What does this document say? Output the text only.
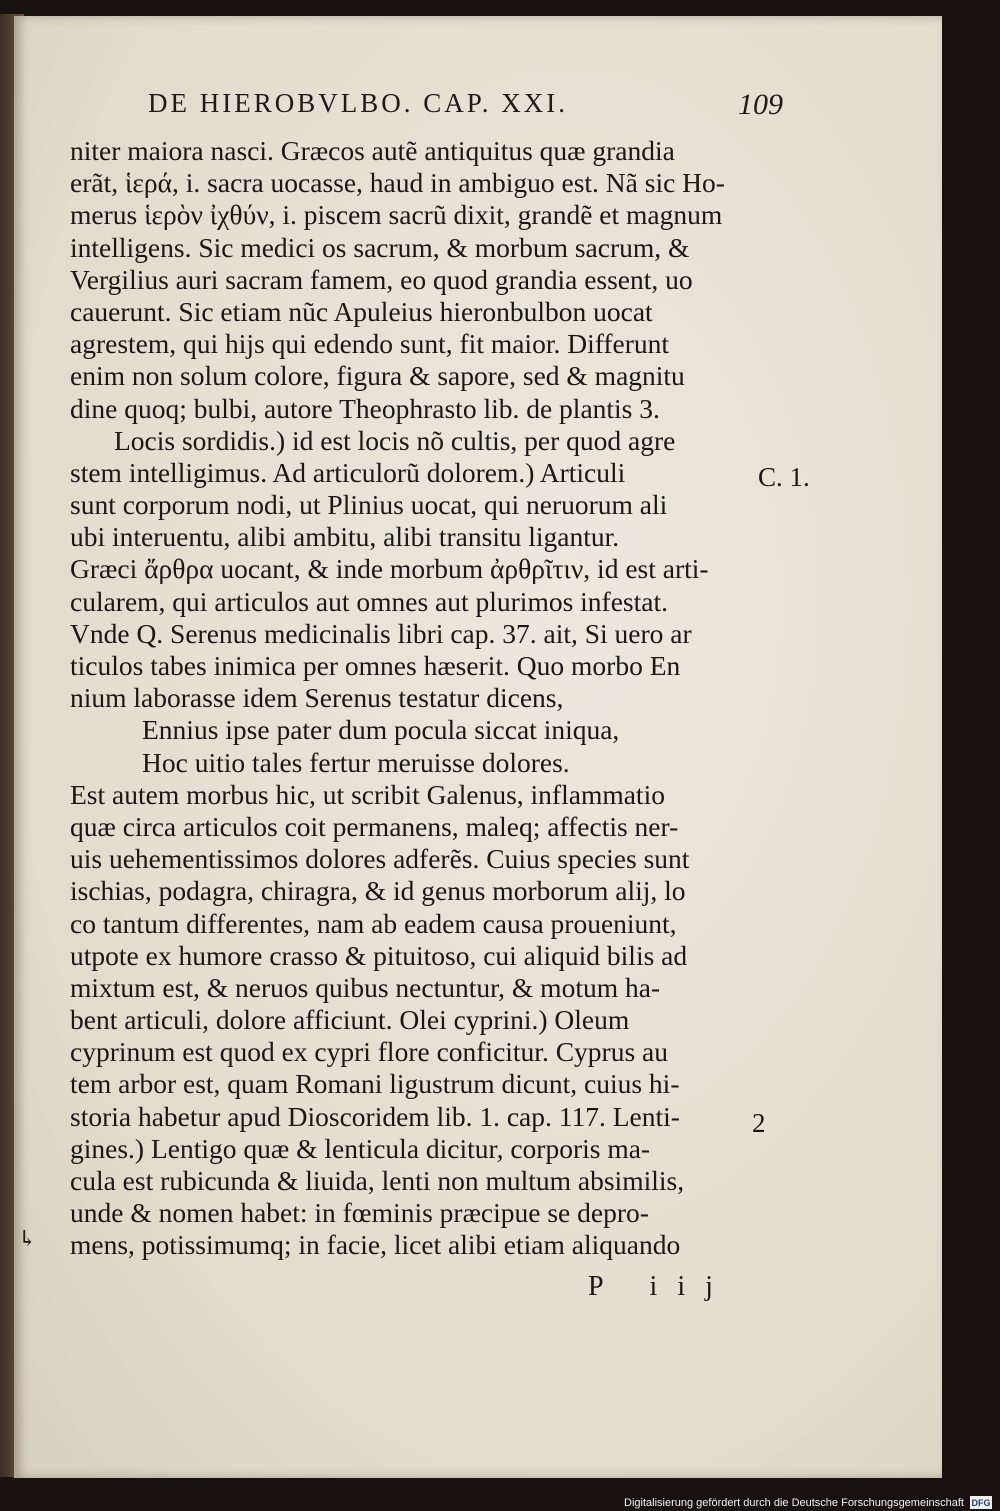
DE HIEROBVLBO. CAP. XXI.	109
niter maiora nasci. Græcos autẽ antiquitus quæ grandia
erãt, ἱερά, i. sacra uocasse, haud in ambiguo est. Nã sic Ho-
merus ἱερὸν ἰχθύν, i. piscem sacrũ dixit, grandẽ et magnum
intelligens. Sic medici os sacrum, & morbum sacrum, &
Vergilius auri sacram famem, eo quod grandia essent, uo
cauerunt. Sic etiam nũc Apuleius hieronbulbon uocat
agrestem, qui hijs qui edendo sunt, fit maior. Differunt
enim non solum colore, figura & sapore, sed & magnitu
dine quoq; bulbi, autore Theophrasto lib. de plantis 3.
Locis sordidis.) id est locis nõ cultis, per quod agre
stem intelligimus. Ad articulorũ dolorem.) Articuli
sunt corporum nodi, ut Plinius uocat, qui neruorum ali
ubi interuentu, alibi ambitu, alibi transitu ligantur.
Græci ἄρθρα uocant, & inde morbum ἀρθρῖτιν, id est arti-
cularem, qui articulos aut omnes aut plurimos infestat.
Vnde Q. Serenus medicinalis libri cap. 37. ait, Si uero ar
ticulos tabes inimica per omnes hæserit. Quo morbo En
nium laborasse idem Serenus testatur dicens,
Ennius ipse pater dum pocula siccat iniqua,
Hoc uitio tales fertur meruisse dolores.
Est autem morbus hic, ut scribit Galenus, inflammatio
quæ circa articulos coit permanens, maleq; affectis ner-
uis uehementissimos dolores adferẽs. Cuius species sunt
ischias, podagra, chiragra, & id genus morborum alij, lo
co tantum differentes, nam ab eadem causa proueniunt,
utpote ex humore crasso & pituitoso, cui aliquid bilis ad
mixtum est, & neruos quibus nectuntur, & motum ha-
bent articuli, dolore afficiunt. Olei cyprini.) Oleum
cyprinum est quod ex cypri flore conficitur. Cyprus au
tem arbor est, quam Romani ligustrum dicunt, cuius hi-
storia habetur apud Dioscoridem lib. 1. cap. 117. Lenti-
gines.) Lentigo quæ & lenticula dicitur, corporis ma-
cula est rubicunda & liuida, lenti non multum absimilis,
unde & nomen habet: in fœminis præcipue se depro-
mens, potissimumq; in facie, licet alibi etiam aliquando
C. 1.
2
↳
P iij
Digitalisierung gefördert durch die Deutsche Forschungsgemeinschaft DFG
